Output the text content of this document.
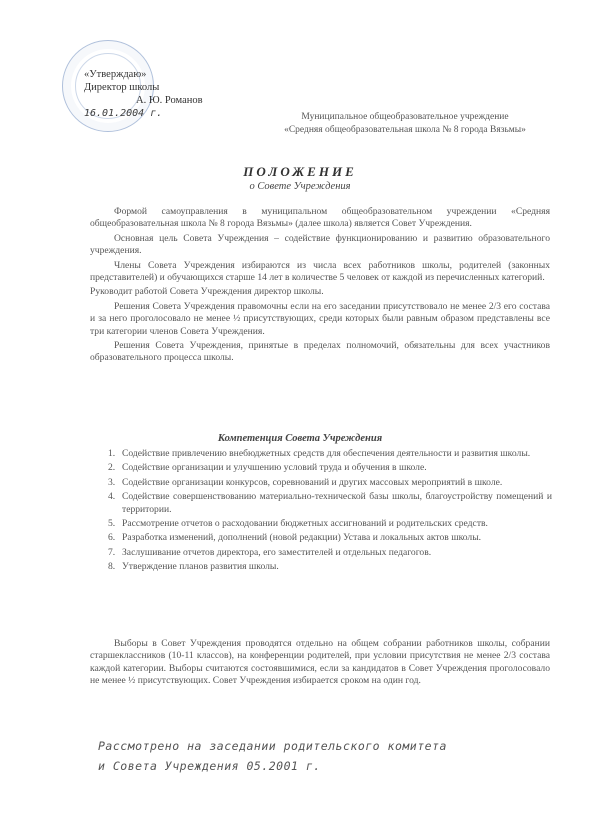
«Утверждаю»
Директор школы
А. Ю. Романов
16.01.2004 г.	Муниципальное общеобразовательное учреждение
«Средняя общеобразовательная школа № 8 города Вязьмы»
ПОЛОЖЕНИЕ
о Совете Учреждения

Формой самоуправления в муниципальном общеобразовательном учреждении «Средняя общеобразовательная школа № 8 города Вязьмы» (далее школа) является Совет Учреждения.

Основная цель Совета Учреждения – содействие функционированию и развитию образовательного учреждения.

Члены Совета Учреждения избираются из числа всех работников школы, родителей (законных представителей) и обучающихся старше 14 лет в количестве 5 человек от каждой из перечисленных категорий.

Руководит работой Совета Учреждения директор школы.

Решения Совета Учреждения правомочны если на его заседании присутствовало не менее 2/3 его состава и за него проголосовало не менее ½ присутствующих, среди которых были равным образом представлены все три категории членов Совета Учреждения.

Решения Совета Учреждения, принятые в пределах полномочий, обязательны для всех участников образовательного процесса школы.

Компетенция Совета Учреждения
1. Содействие привлечению внебюджетных средств для обеспечения деятельности и развития школы.
2. Содействие организации и улучшению условий труда и обучения в школе.
3. Содействие организации конкурсов, соревнований и других массовых мероприятий в школе.
4. Содействие совершенствованию материально-технической базы школы, благоустройству помещений и территории.
5. Рассмотрение отчетов о расходовании бюджетных ассигнований и родительских средств.
6. Разработка изменений, дополнений (новой редакции) Устава и локальных актов школы.
7. Заслушивание отчетов директора, его заместителей и отдельных педагогов.
8. Утверждение планов развития школы.

Выборы в Совет Учреждения проводятся отдельно на общем собрании работников школы, собрании старшеклассников (10-11 классов), на конференции родителей, при условии присутствия не менее 2/3 состава каждой категории. Выборы считаются состоявшимися, если за кандидатов в Совет Учреждения проголосовало не менее ½ присутствующих. Совет Учреждения избирается сроком на один год.

Рассмотрено на заседании родительского комитета
и Совета Учреждения 05.2001 г.
